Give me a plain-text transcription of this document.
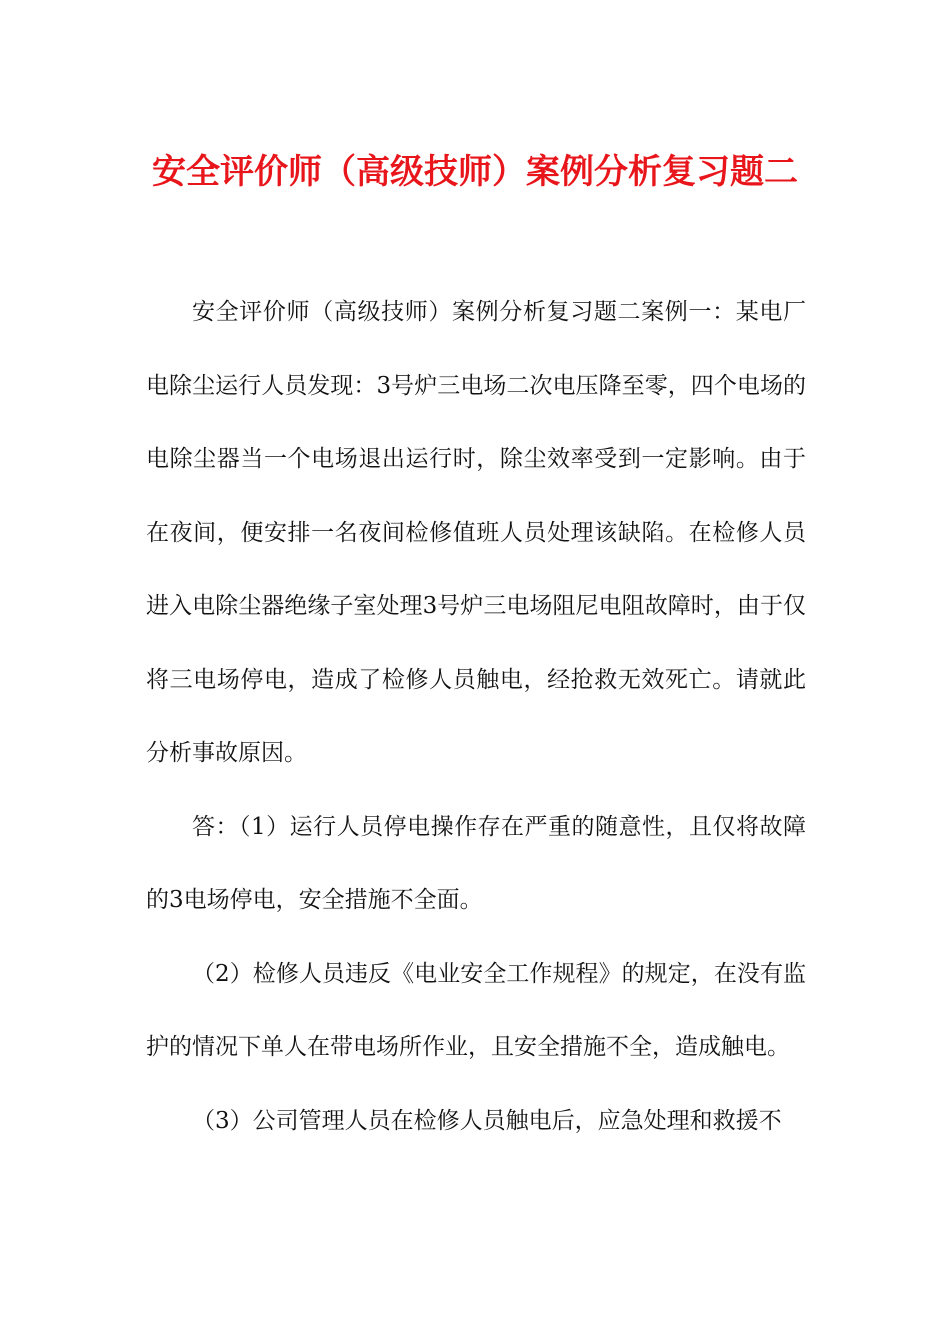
安全评价师（高级技师）案例分析复习题二

安全评价师（高级技师）案例分析复习题二案例一：某电厂电除尘运行人员发现：3号炉三电场二次电压降至零，四个电场的电除尘器当一个电场退出运行时，除尘效率受到一定影响。由于在夜间，便安排一名夜间检修值班人员处理该缺陷。在检修人员进入电除尘器绝缘子室处理3号炉三电场阻尼电阻故障时，由于仅将三电场停电，造成了检修人员触电，经抢救无效死亡。请就此分析事故原因。

答：（1）运行人员停电操作存在严重的随意性，且仅将故障的3电场停电，安全措施不全面。

（2）检修人员违反《电业安全工作规程》的规定，在没有监护的情况下单人在带电场所作业，且安全措施不全，造成触电。

（3）公司管理人员在检修人员触电后，应急处理和救援不
